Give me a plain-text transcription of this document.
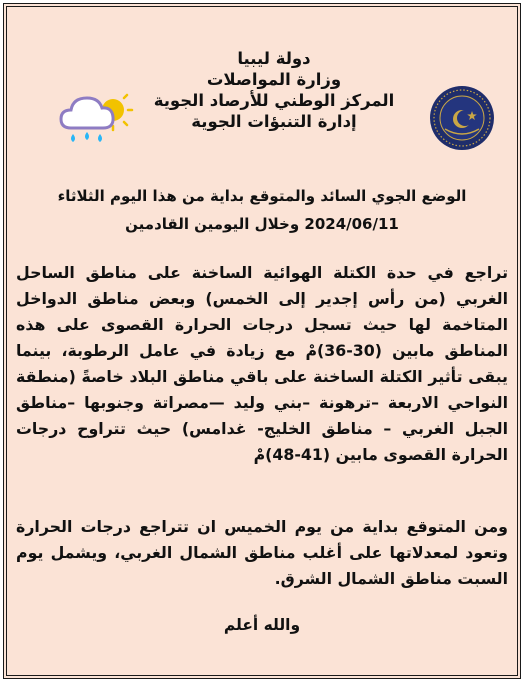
دولة ليبيا
وزارة المواصلات
المركز الوطني للأرصاد الجوية
إدارة التنبؤات الجوية
الوضع الجوي السائد والمتوقع بداية من هذا اليوم الثلاثاء
2024/06/11 وخلال اليومين القادمين
تراجع في حدة الكتلة الهوائية الساخنة على مناطق الساحل الغربي (من رأس إجدير إلى الخمس) وبعض مناطق الدواخل المتاخمة لها حيث تسجل درجات الحرارة القصوى على هذه المناطق مابين (30-36)مْ مع زيادة في عامل الرطوبة، بينما يبقى تأثير الكتلة الساخنة على باقي مناطق البلاد خاصةً (منطقة النواحي الاربعة –ترهونة –بني وليد —مصراتة وجنوبها –مناطق الجبل الغربي – مناطق الخليج- غدامس) حيث تتراوح درجات الحرارة القصوى مابين (41-48)مْ
ومن المتوقع بداية من يوم الخميس ان تتراجع درجات الحرارة وتعود لمعدلاتها على أغلب مناطق الشمال الغربي، ويشمل يوم السبت مناطق الشمال الشرق.
والله أعلم
